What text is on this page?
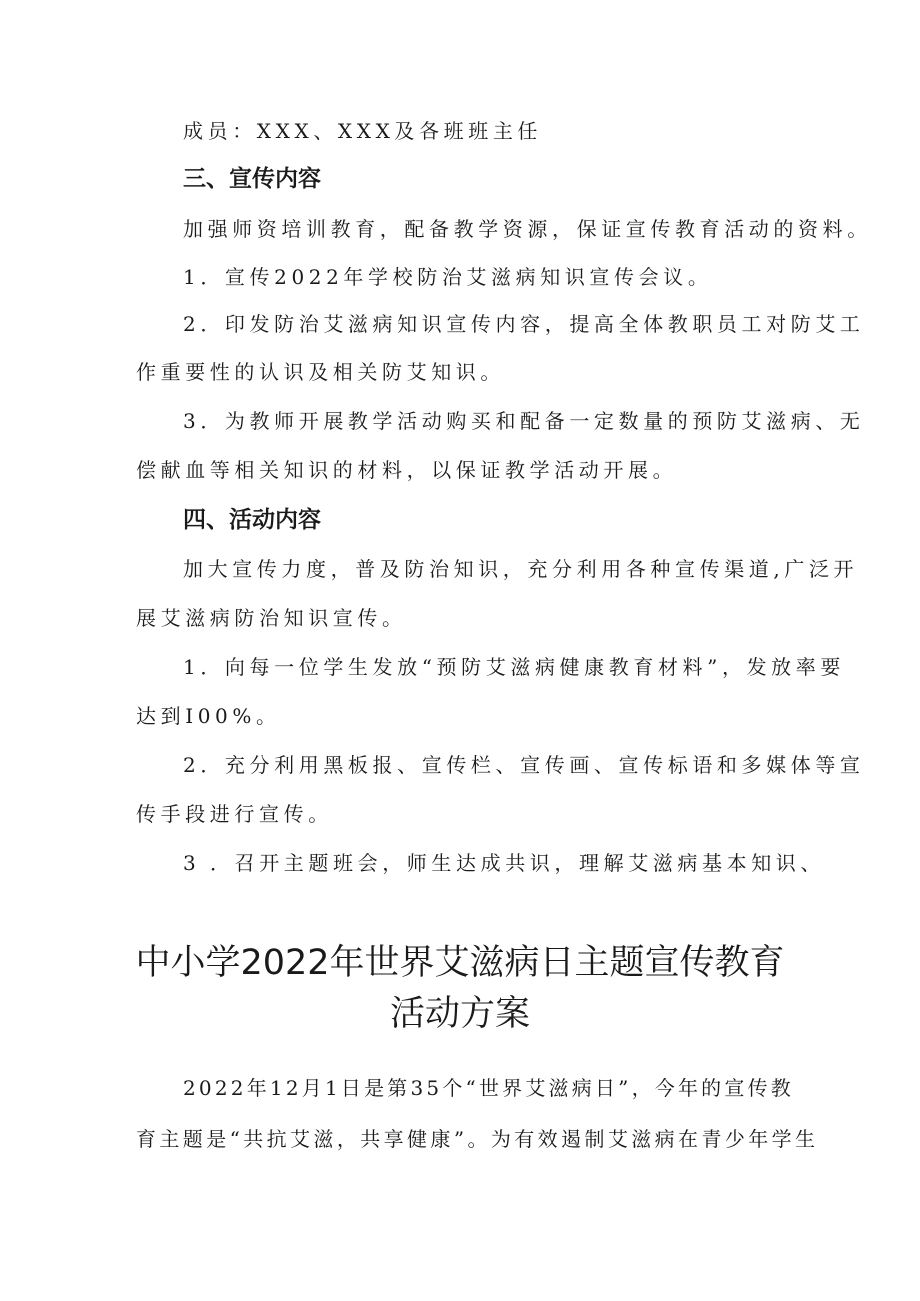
成员：XXX、XXX及各班班主任
三、宣传内容
加强师资培训教育，配备教学资源，保证宣传教育活动的资料。
1．宣传2022年学校防治艾滋病知识宣传会议。
2．印发防治艾滋病知识宣传内容，提高全体教职员工对防艾工
作重要性的认识及相关防艾知识。
3．为教师开展教学活动购买和配备一定数量的预防艾滋病、无
偿献血等相关知识的材料，以保证教学活动开展。
四、活动内容
加大宣传力度，普及防治知识，充分利用各种宣传渠道,广泛开
展艾滋病防治知识宣传。
1．向每一位学生发放“预防艾滋病健康教育材料”，发放率要
达到I00%。
2．充分利用黑板报、宣传栏、宣传画、宣传标语和多媒体等宣
传手段进行宣传。
3 ．召开主题班会，师生达成共识，理解艾滋病基本知识、
中小学2022年世界艾滋病日主题宣传教育
活动方案
2022年12月1日是第35个“世界艾滋病日”，今年的宣传教
育主题是“共抗艾滋，共享健康”。为有效遏制艾滋病在青少年学生
